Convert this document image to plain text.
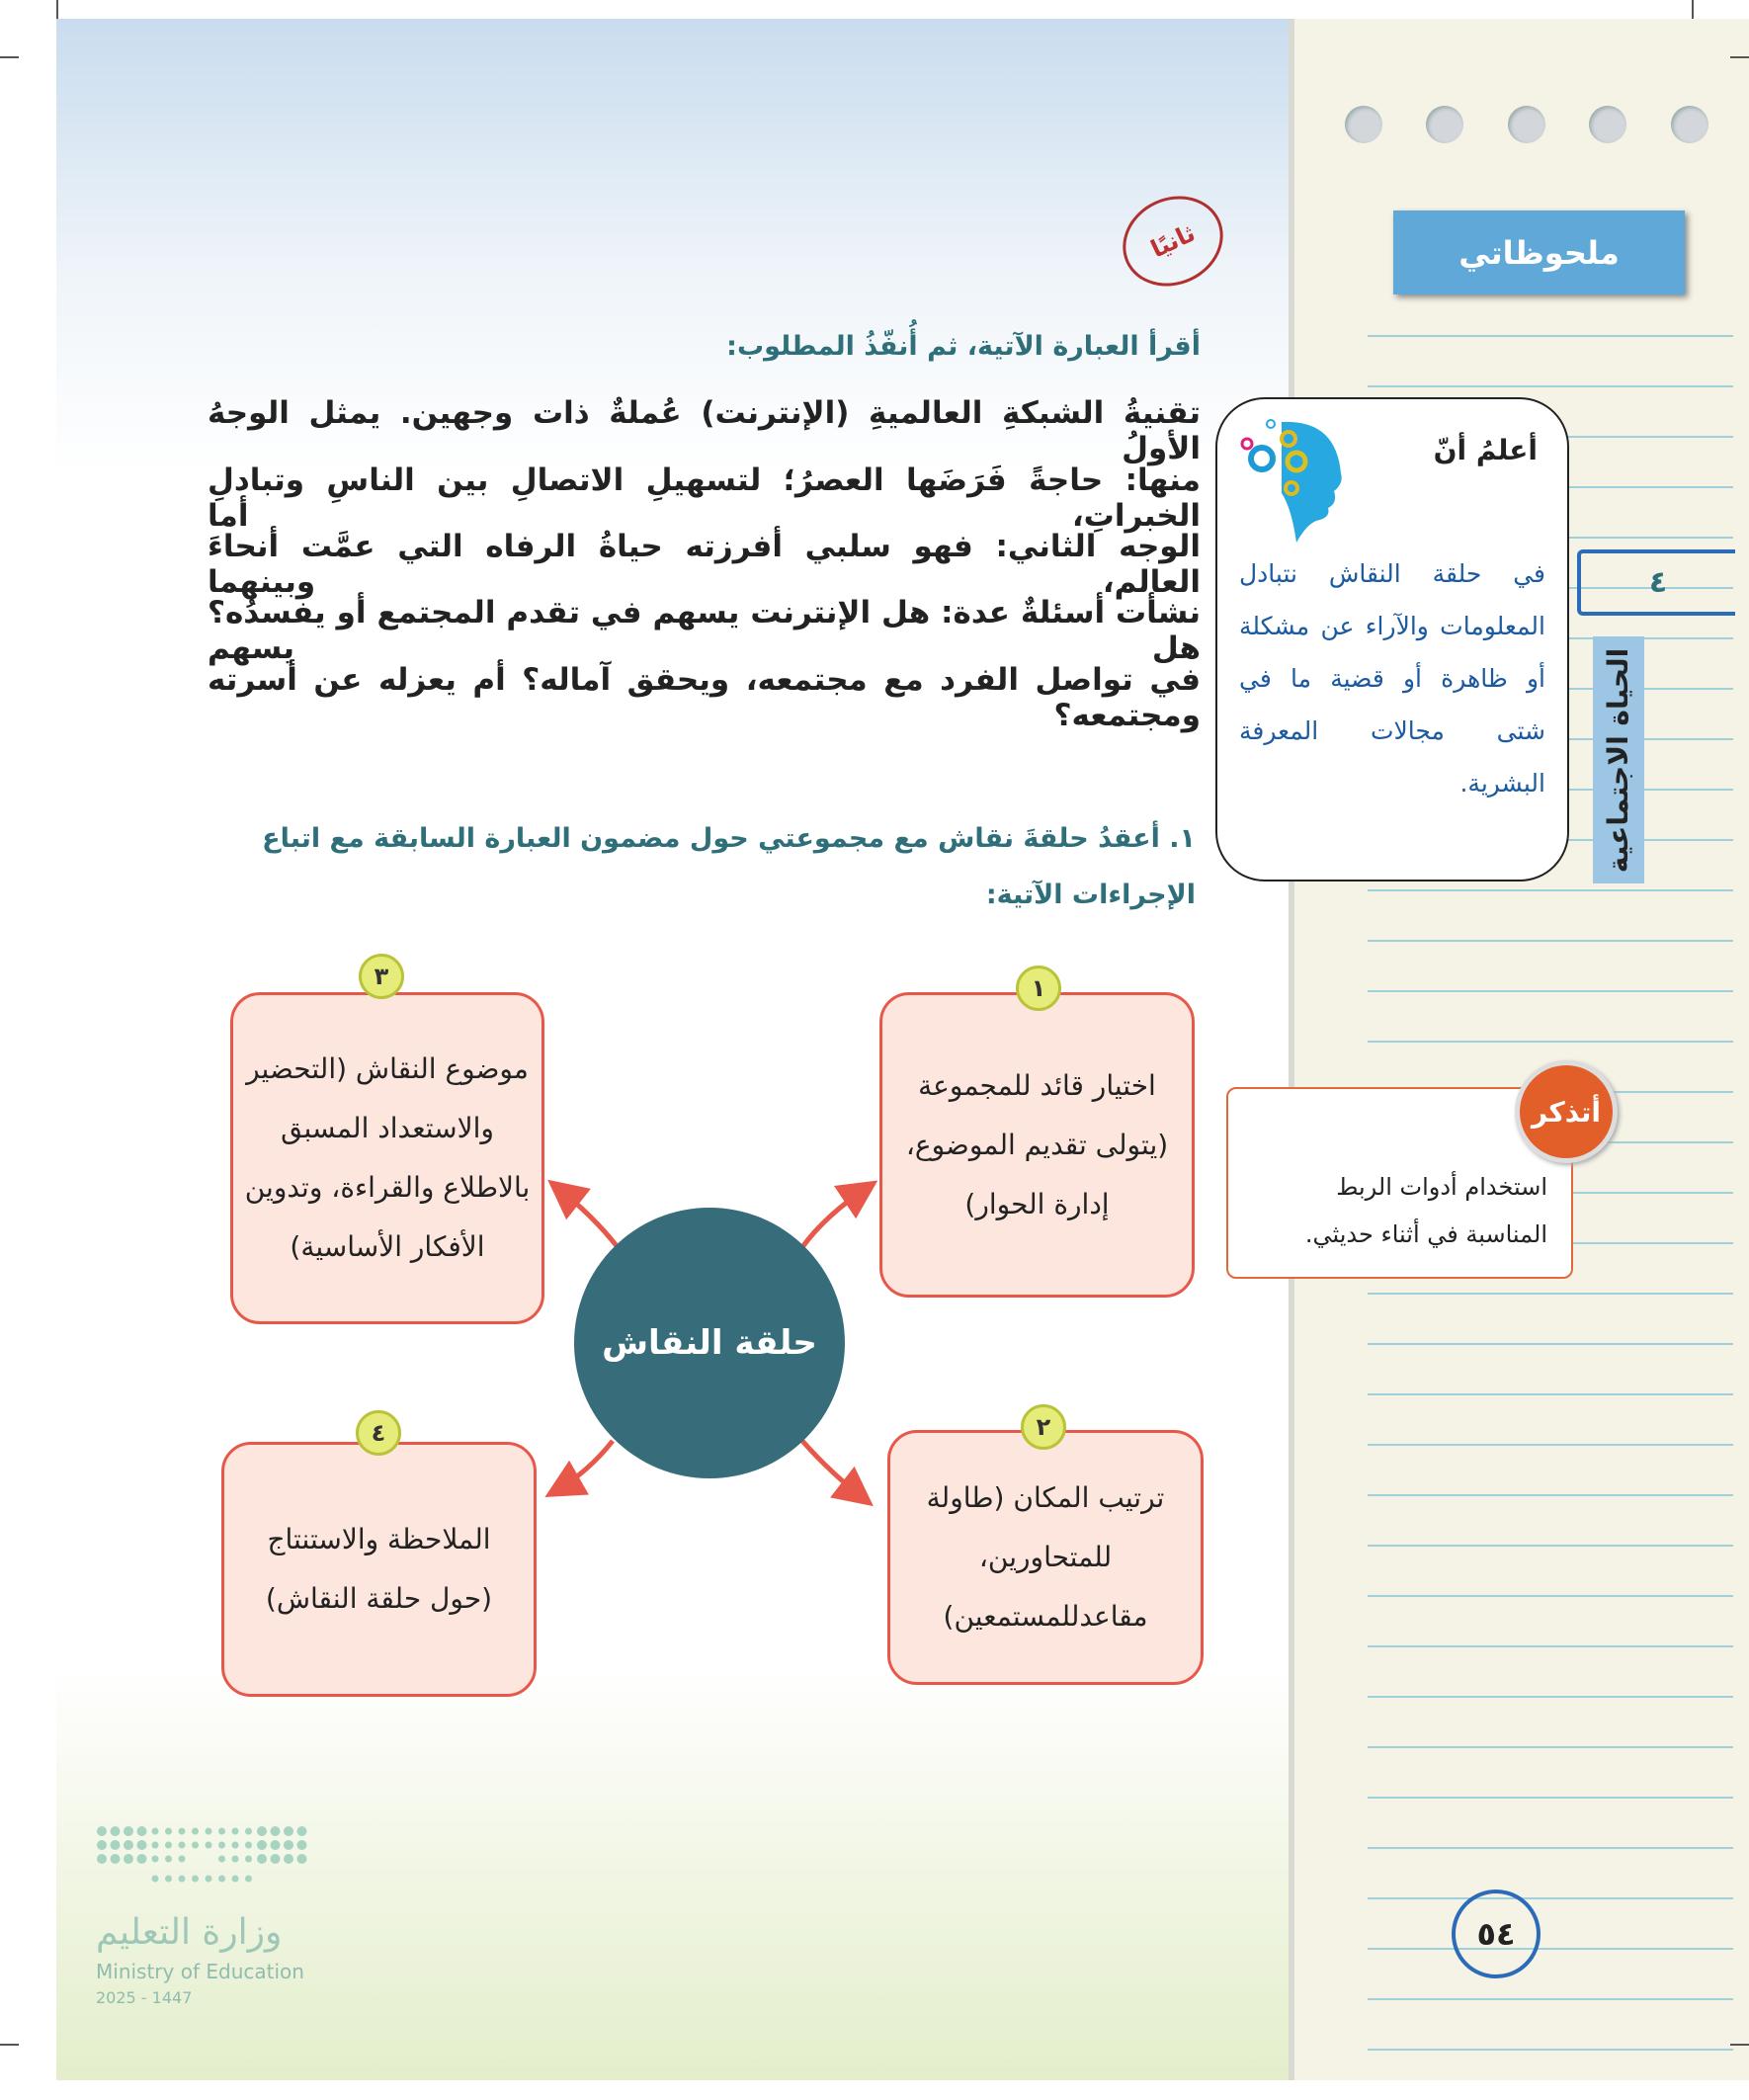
ملحوظاتي
ثانيًا
أقرأ العبارة الآتية، ثم أُنفّذُ المطلوب:
تقنيةُ الشبكةِ العالميةِ (الإنترنت) عُملةٌ ذات وجهين. يمثل الوجهُ الأولُ
منها: حاجةً فَرَضَها العصرُ؛ لتسهيلِ الاتصالِ بين الناسِ وتبادلِ الخبراتِ، أما
الوجه الثاني: فهو سلبي أفرزته حياةُ الرفاه التي عمَّت أنحاءَ العالم، وبينهما
نشأت أسئلةٌ عدة: هل الإنترنت يسهم في تقدم المجتمع أو يفسدُه؟ هل يسهم
في تواصل الفرد مع مجتمعه، ويحقق آماله؟ أم يعزله عن أسرته ومجتمعه؟
١. أعقدُ حلقةَ نقاش مع مجموعتي حول مضمون العبارة السابقة مع اتباع الإجراءات الآتية:
اختيار قائد للمجموعة (يتولى تقديم الموضوع، إدارة الحوار)
ترتيب المكان (طاولة للمتحاورين، مقاعدللمستمعين)
موضوع النقاش (التحضير والاستعداد المسبق بالاطلاع والقراءة، وتدوين الأفكار الأساسية)
الملاحظة والاستنتاج (حول حلقة النقاش)
١
٢
٣
٤
حلقة النقاش
أعلمُ أنّ
في حلقة النقاش نتبادل المعلومات والآراء عن مشكلة أو ظاهرة أو قضية ما في شتى مجالات المعرفة البشرية.
٤
الحياة الاجتماعية
استخدام أدوات الربط المناسبة في أثناء حديثي.
أتذكر
٥٤
وزارة التعليم
Ministry of Education
2025 - 1447
